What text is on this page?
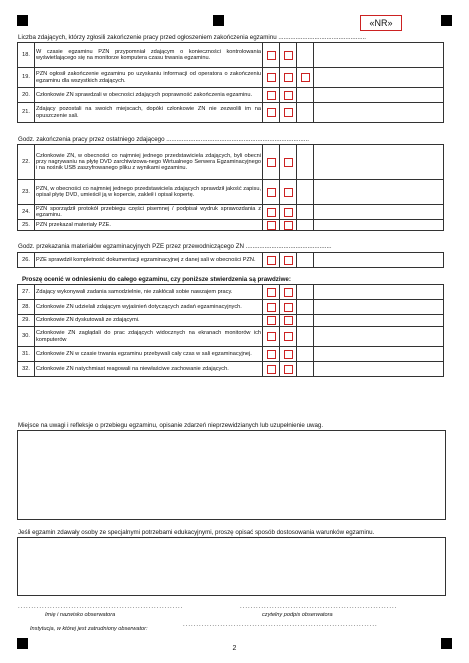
«NR»
Liczba zdających, którzy zgłosili zakończenie pracy przed ogłoszeniem zakończenia egzaminu ...................................................
18.	W czasie egzaminu PZN przypomniał zdającym o konieczności kontrolowania wyświetlającego się na monitorze komputera czasu trwania egzaminu.				
19.	PZN ogłosił zakończenie egzaminu po uzyskaniu informacji od operatora o zakończeniu egzaminu dla wszystkich zdających.				
20.	Członkowie ZN sprawdzali w obecności zdających poprawność zakończenia egzaminu.				
21.	Zdający pozostali na swoich miejscach, dopóki członkowie ZN nie zezwolili im na opuszczenie sali.				
Godz. zakończenia pracy przez ostatniego zdającego ...................................................................................
22.	Członkowie ZN, w obecności co najmniej jednego przedstawiciela zdających, byli obecni przy nagrywaniu na płytę DVD zarchiwizowa-nego Wirtualnego Serwera Egzaminacyjnego i na nośnik USB zaszyfrowanego pliku z wynikami egzaminu.				
23.	PZN, w obecności co najmniej jednego przedstawiciela zdających sprawdził jakość zapisu, opisał płytę DVD, umieścił ją w kopercie, zakleił i opisał kopertę.				
24.	PZN sporządził protokół przebiegu części pisemnej / podpisał wydruk sprawozdania z egzaminu.				
25.	PZN przekazał materiały PZE.				
Godz. przekazania materiałów egzaminacyjnych PZE przez przewodniczącego ZN ..................................................
26.	PZE sprawdził kompletność dokumentacji egzaminacyjnej z danej sali w obecności PZN.				
Proszę ocenić w odniesieniu do całego egzaminu, czy poniższe stwierdzenia są prawdziwe:
27.	Zdający wykonywali zadania samodzielnie, nie zakłócali sobie nawzajem pracy.				
28.	Członkowie ZN udzielali zdającym wyjaśnień dotyczących zadań egzaminacyjnych.				
29.	Członkowie ZN dyskutowali ze zdającymi.				
30.	Członkowie ZN zaglądali do prac zdających widocznych na ekranach monitorów ich komputerów				
31.	Członkowie ZN w czasie trwania egzaminu przebywali cały czas w sali egzaminacyjnej.				
32.	Członkowie ZN natychmiast reagowali na niewłaściwe zachowanie zdających.				
Miejsce na uwagi i refleksje o przebiegu egzaminu, opisanie zdarzeń nieprzewidzianych lub uzupełnienie uwag.
Jeśli egzamin zdawały osoby ze specjalnymi potrzebami edukacyjnymi, proszę opisać sposób dostosowania warunków egzaminu.
..............................................................	...........................................................
Imię i nazwisko obserwatora	czytelny podpis obserwatora
Instytucja, w której jest zatrudniony obserwator:
.........................................................................
2
